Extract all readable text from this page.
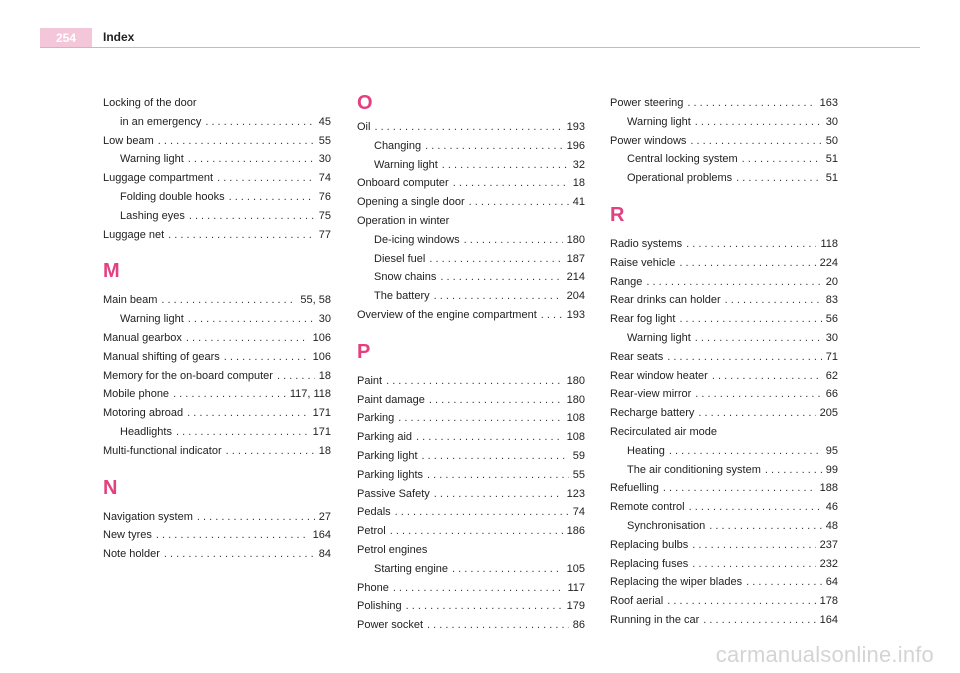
254	Index
Locking of the door
in an emergency . . .	45
Low beam . . .	55
Warning light . . .	30
Luggage compartment . . .	74
Folding double hooks . . .	76
Lashing eyes . . .	75
Luggage net . . .	77
M
Main beam . . .	55, 58
Warning light . . .	30
Manual gearbox . . .	106
Manual shifting of gears . . .	106
Memory for the on-board computer . . .	18
Mobile phone . . .	117, 118
Motoring abroad . . .	171
Headlights . . .	171
Multi-functional indicator . . .	18
N
Navigation system . . .	27
New tyres . . .	164
Note holder . . .	84
O
Oil . . .	193
Changing . . .	196
Warning light . . .	32
Onboard computer . . .	18
Opening a single door . . .	41
Operation in winter
De-icing windows . . .	180
Diesel fuel . . .	187
Snow chains . . .	214
The battery . . .	204
Overview of the engine compartment . . .	193
P
Paint . . .	180
Paint damage . . .	180
Parking . . .	108
Parking aid . . .	108
Parking light . . .	59
Parking lights . . .	55
Passive Safety . . .	123
Pedals . . .	74
Petrol . . .	186
Petrol engines
Starting engine . . .	105
Phone . . .	117
Polishing . . .	179
Power socket . . .	86
Power steering . . .	163
Warning light . . .	30
Power windows . . .	50
Central locking system . . .	51
Operational problems . . .	51
R
Radio systems . . .	118
Raise vehicle . . .	224
Range . . .	20
Rear drinks can holder . . .	83
Rear fog light . . .	56
Warning light . . .	30
Rear seats . . .	71
Rear window heater . . .	62
Rear-view mirror . . .	66
Recharge battery . . .	205
Recirculated air mode
Heating . . .	95
The air conditioning system . . .	99
Refuelling . . .	188
Remote control . . .	46
Synchronisation . . .	48
Replacing bulbs . . .	237
Replacing fuses . . .	232
Replacing the wiper blades . . .	64
Roof aerial . . .	178
Running in the car . . .	164
carmanualsonline.info
